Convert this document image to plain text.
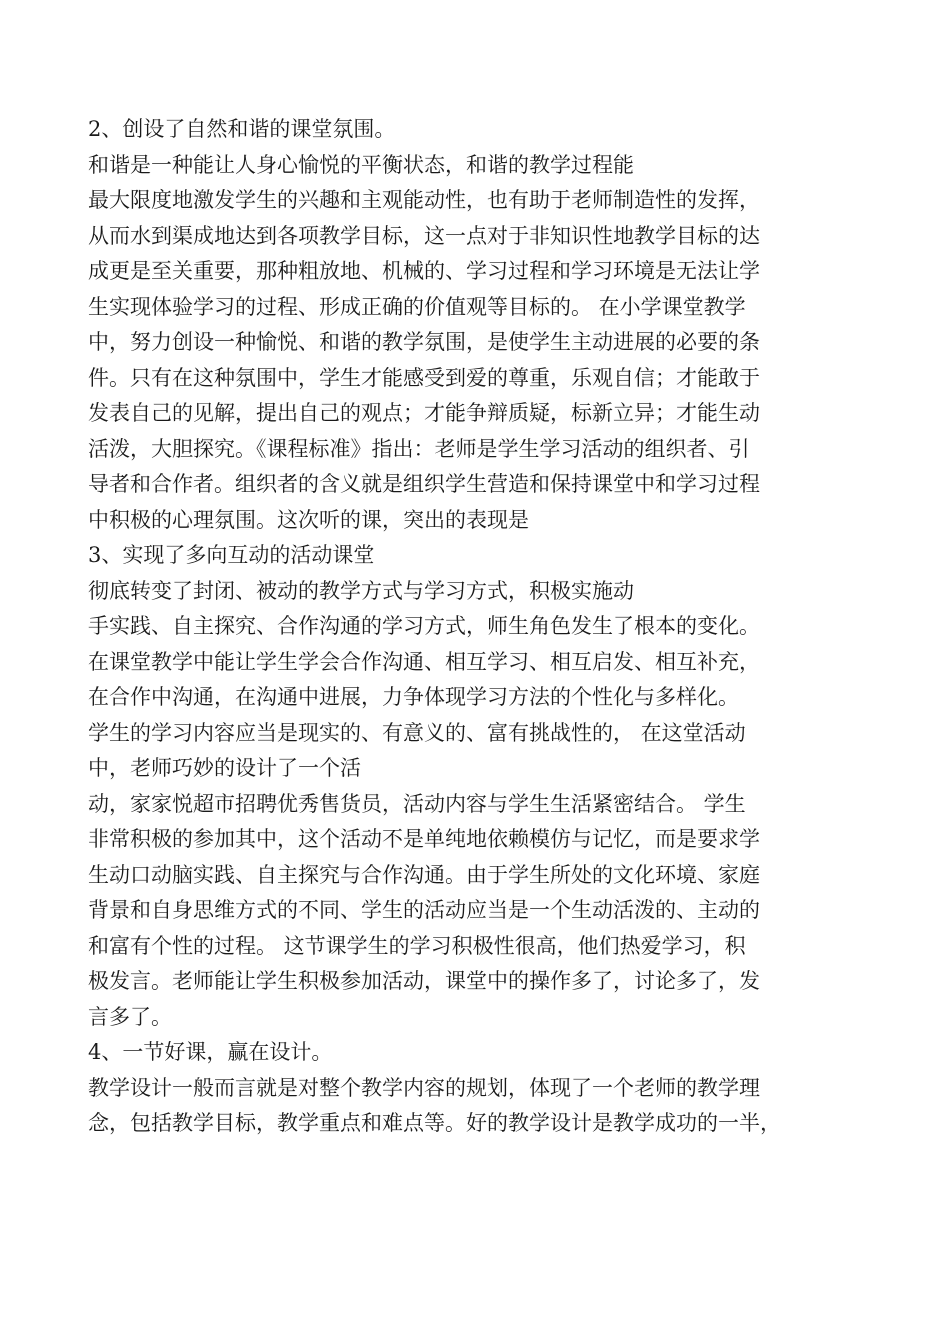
2、创设了自然和谐的课堂氛围。
和谐是一种能让人身心愉悦的平衡状态，和谐的教学过程能
最大限度地激发学生的兴趣和主观能动性，也有助于老师制造性的发挥，
从而水到渠成地达到各项教学目标，这一点对于非知识性地教学目标的达
成更是至关重要，那种粗放地、机械的、学习过程和学习环境是无法让学
生实现体验学习的过程、形成正确的价值观等目标的。 在小学课堂教学
中，努力创设一种愉悦、和谐的教学氛围，是使学生主动进展的必要的条
件。只有在这种氛围中，学生才能感受到爱的尊重，乐观自信；才能敢于
发表自己的见解，提出自己的观点；才能争辩质疑，标新立异；才能生动
活泼，大胆探究。《课程标准》指出：老师是学生学习活动的组织者、引
导者和合作者。组织者的含义就是组织学生营造和保持课堂中和学习过程
中积极的心理氛围。这次听的课，突出的表现是
3、实现了多向互动的活动课堂
彻底转变了封闭、被动的教学方式与学习方式，积极实施动
手实践、自主探究、合作沟通的学习方式，师生角色发生了根本的变化。
在课堂教学中能让学生学会合作沟通、相互学习、相互启发、相互补充，
在合作中沟通，在沟通中进展，力争体现学习方法的个性化与多样化。
学生的学习内容应当是现实的、有意义的、富有挑战性的， 在这堂活动
中，老师巧妙的设计了一个活
动，家家悦超市招聘优秀售货员，活动内容与学生生活紧密结合。 学生
非常积极的参加其中，这个活动不是单纯地依赖模仿与记忆，而是要求学
生动口动脑实践、自主探究与合作沟通。由于学生所处的文化环境、家庭
背景和自身思维方式的不同、学生的活动应当是一个生动活泼的、主动的
和富有个性的过程。 这节课学生的学习积极性很高，他们热爱学习，积
极发言。老师能让学生积极参加活动，课堂中的操作多了，讨论多了，发
言多了。
4、一节好课，赢在设计。
教学设计一般而言就是对整个教学内容的规划，体现了一个老师的教学理
念，包括教学目标，教学重点和难点等。好的教学设计是教学成功的一半，
